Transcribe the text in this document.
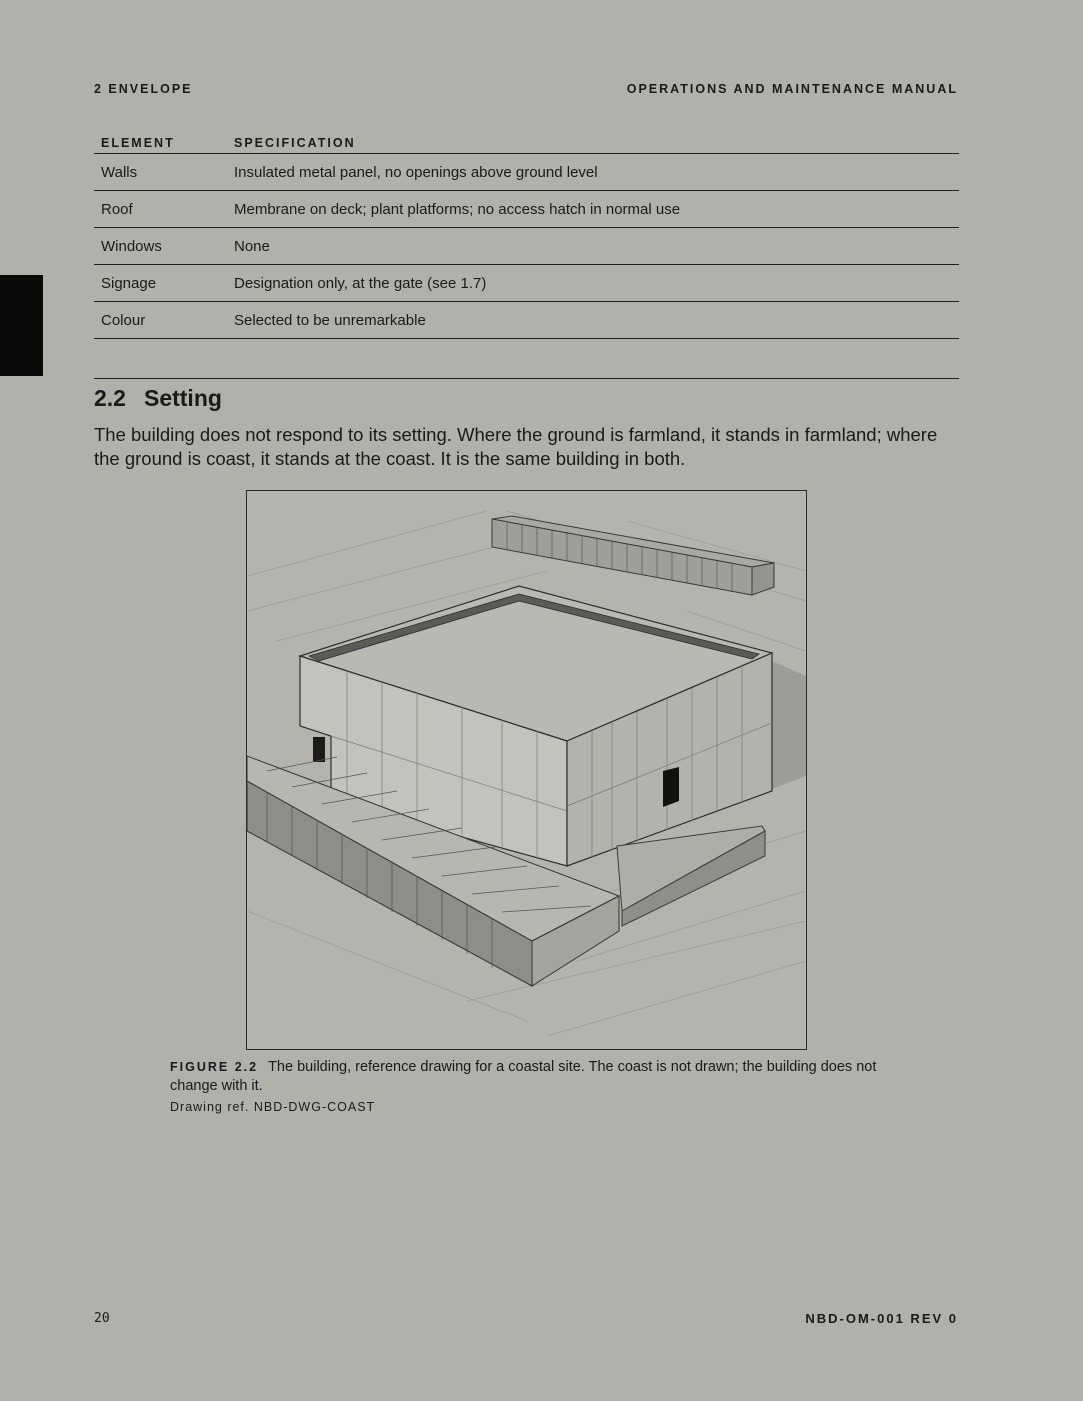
2 ENVELOPE	OPERATIONS AND MAINTENANCE MANUAL
ELEMENT	SPECIFICATION
Walls	Insulated metal panel, no openings above ground level
Roof	Membrane on deck; plant platforms; no access hatch in normal use
Windows	None
Signage	Designation only, at the gate (see 1.7)
Colour	Selected to be unremarkable
2.2 Setting

The building does not respond to its setting. Where the ground is farmland, it stands in farmland; where the ground is coast, it stands at the coast. It is the same building in both.

FIGURE 2.2 The building, reference drawing for a coastal site. The coast is not drawn; the building does not change with it.

Drawing ref. NBD-DWG-COAST
20	NBD-OM-001 REV 0
